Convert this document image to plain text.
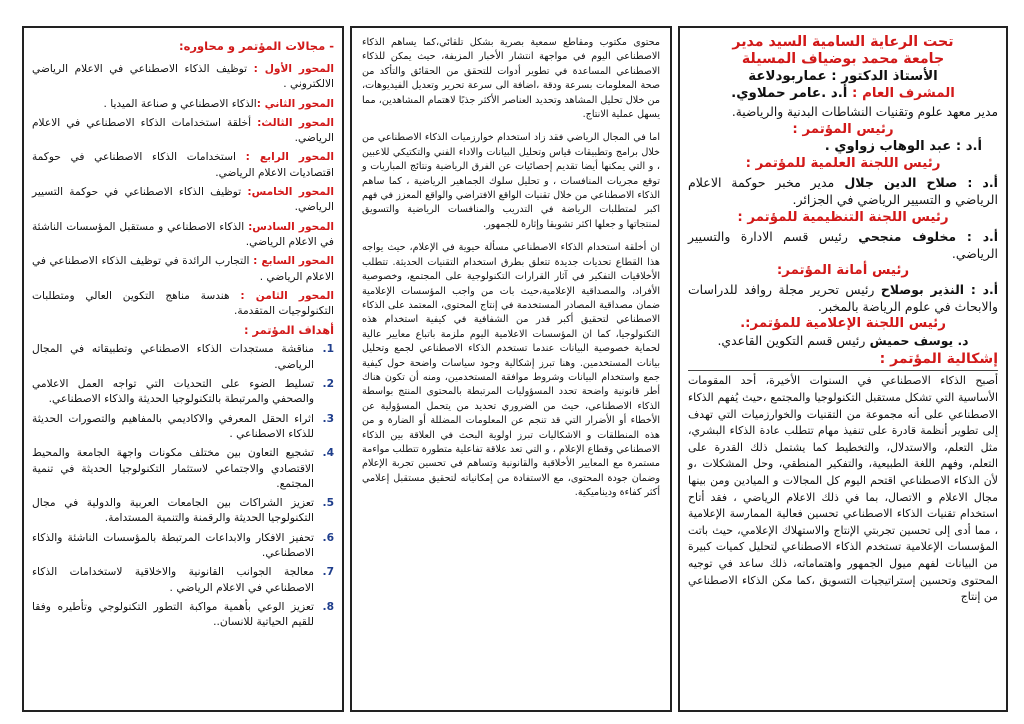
تحت الرعاية السامية السيد مدير

جامعة محمد بوضياف المسيلة

الأستاذ الدكتور : عماربودلاعة

المشرف العام : أ.د .عامر حملاوي.

مدير معهد علوم وتقنيات النشاطات البدنية والرياضية.

رئيس المؤتمر :

أ.د : عبد الوهاب زواوي .

رئيس اللجنة العلمية للمؤتمر :

أ.د : صلاح الدين جلال مدير مخبر حوكمة الاعلام الرياضي و التسيير الرياضي في الجزائر.

رئيس اللجنة التنظيمية للمؤتمر :

أ.د : مخلوف منجحي رئيس قسم الادارة والتسيير الرياضي.

رئيس أمانة المؤتمر:

أ.د : النذير بوصلاح رئيس تحرير مجلة روافد للدراسات والابحاث في علوم الرياضة بالمخبر.

رئيس اللجنة الإعلامية للمؤتمر:.

د. يوسف حميش رئيس قسم التكوين القاعدي.

إشكالية المؤتمر :

أصبح الذكاء الاصطناعي في السنوات الأخيرة، أحد المقومات الأساسية التي تشكل مستقبل التكنولوجيا والمجتمع ،حيث يُفهم الذكاء الاصطناعي على أنه مجموعة من التقنيات والخوارزميات التي تهدف إلى تطوير أنظمة قادرة على تنفيذ مهام تتطلب عادة الذكاء البشري، مثل التعلم، والاستدلال، والتخطيط كما يشتمل ذلك القدرة على التعلم، وفهم اللغة الطبيعية، والتفكير المنطقي، وحل المشكلات ،و لأن الذكاء الاصطناعي اقتحم اليوم كل المجالات و الميادين ومن بينها مجال الاعلام و الاتصال، بما في ذلك الاعلام الرياضي ، فقد أتاح استخدام تقنيات الذكاء الاصطناعي تحسين فعالية الممارسة الإعلامية ، مما أدى إلى تحسين تجربتي الإنتاج والاستهلاك الإعلامي، حيث باتت المؤسسات الإعلامية تستخدم الذكاء الاصطناعي لتحليل كميات كبيرة من البيانات لفهم ميول الجمهور واهتماماته، ذلك ساعد في توجيه المحتوى وتحسين إستراتيجيات التسويق ،كما مكن الذكاء الاصطناعي من إنتاج

محتوى مكتوب ومقاطع سمعية بصرية بشكل تلقائي،كما يساهم الذكاء الاصطناعي اليوم في مواجهة انتشار الأخبار المزيفة، حيث يمكن للذكاء الاصطناعي المساعدة في تطوير أدوات للتحقق من الحقائق والتأكد من صحة المعلومات بسرعة ودقة ،اضافة الى سرعة تحرير وتعديل الفيديوهات، من خلال تحليل المشاهد وتحديد العناصر الأكثر جذبًا لاهتمام المشاهدين، مما يسهل عملية الانتاج.

اما في المجال الرياضي فقد زاد استخدام خوارزميات الذكاء الاصطناعي من خلال برامج وتطبيقات قياس وتحليل البيانات والاداء الفني والتكتيكي للاعبين ، و التي يمكنها أيضا تقديم إحصائيات عن الفرق الرياضية ونتائج المباريات و توقع مجريات المنافسات ، و تحليل سلوك الجماهير الرياضية ، كما ساهم الذكاء الاصطناعي من خلال تقنيات الواقع الافتراضي والواقع المعزز في فهم اكبر لمتطلبات الرياضة في التدريب والمنافسات الرياضية والتسويق لمنتجاتها و جعلها اكثر تشويقا وإثارة للجمهور.

ان أخلقة استخدام الذكاء الاصطناعي مسألة حيوية في الإعلام، حيث يواجه هذا القطاع تحديات جديدة تتعلق بطرق استخدام التقنيات الحديثة. تتطلب الأخلاقيات التفكير في آثار القرارات التكنولوجية على المجتمع، وخصوصية الأفراد، والمصداقية الإعلامية،حيث بات من واجب المؤسسات الإعلامية ضمان مصداقية المصادر المستخدمة في إنتاج المحتوى، المعتمد على الذكاء الاصطناعي لتحقيق أكبر قدر من الشفافية في كيفية استخدام هذه التكنولوجيا، كما ان المؤسسات الاعلامية اليوم ملزمة باتباع معايير عالية لحماية خصوصية البيانات عندما تستخدم الذكاء الاصطناعي لجمع وتحليل بيانات المستخدمين. وهنا تبرز إشكالية وجود سياسات واضحة حول كيفية جمع واستخدام البيانات وشروط موافقة المستخدمين، ومنه أن تكون هناك أطر قانونية واضحة تحدد المسؤوليات المرتبطة بالمحتوى المنتج بواسطة الذكاء الاصطناعي، حيث من الضروري تحديد من يتحمل المسؤولية عن الأخطاء أو الأضرار التي قد تنجم عن المعلومات المضللة أو الضارة و من هذه المنطلقات و الاشكاليات تبرز اولوية البحث في العلاقة بين الذكاء الاصطناعي وقطاع الإعلام ، و التي تعد علاقة تفاعلية متطورة تتطلب مواءمة مستمرة مع المعايير الأخلاقية والقانونية وتساهم في تحسين تجربة الإعلام وضمان جودة المحتوى، مع الاستفادة من إمكانياته لتحقيق مستقبل إعلامي أكثر كفاءة وديناميكية.

- مجالات المؤتمر و محاوره:

المحور الأول : توظيف الذكاء الاصطناعي في الاعلام الرياضي الالكتروني .

المحور الثاني :الذكاء الاصطناعي و صناعة الميديا .

المحور الثالث: أخلقة استخدامات الذكاء الاصطناعي في الاعلام الرياضي.

المحور الرابع : استخدامات الذكاء الاصطناعي في حوكمة اقتصاديات الاعلام الرياضي.

المحور الخامس: توظيف الذكاء الاصطناعي في حوكمة التسيير الرياضي.

المحور السادس: الذكاء الاصطناعي و مستقبل المؤسسات الناشئة في الاعلام الرياضي.

المحور السابع : التجارب الرائدة في توظيف الذكاء الاصطناعي في الاعلام الرياضي .

المحور الثامن : هندسة مناهج التكوين العالي ومتطلبات التكنولوجيات المتقدمة.

أهداف المؤتمر :

1.
مناقشة مستجدات الذكاء الاصطناعي وتطبيقاته في المجال الرياضي.
2.
تسليط الضوء على التحديات التي تواجه العمل الاعلامي والصحفي والمرتبطة بالتكنولوجيا الحديثة والذكاء الاصطناعي.
3.
اثراء الحقل المعرفي والاكاديمي بالمفاهيم والتصورات الحديثة للذكاء الاصطناعي .
4.
تشجيع التعاون بين مختلف مكونات واجهة الجامعة والمحيط الاقتصادي والاجتماعي لاستثمار التكنولوجيا الحديثة في تنمية المجتمع.
5.
تعزيز الشراكات بين الجامعات العربية والدولية في مجال التكنولوجيا الحديثة والرقمنة والتنمية المستدامة.
6.
تحفيز الافكار والابداعات المرتبطة بالمؤسسات الناشئة والذكاء الاصطناعي.
7.
معالجة الجوانب القانونية والاخلاقية لاستخدامات الذكاء الاصطناعي في الاعلام الرياضي .
8.
تعزيز الوعي بأهمية مواكبة التطور التكنولوجي وتأطيره وفقا للقيم الحياتية للانسان..
